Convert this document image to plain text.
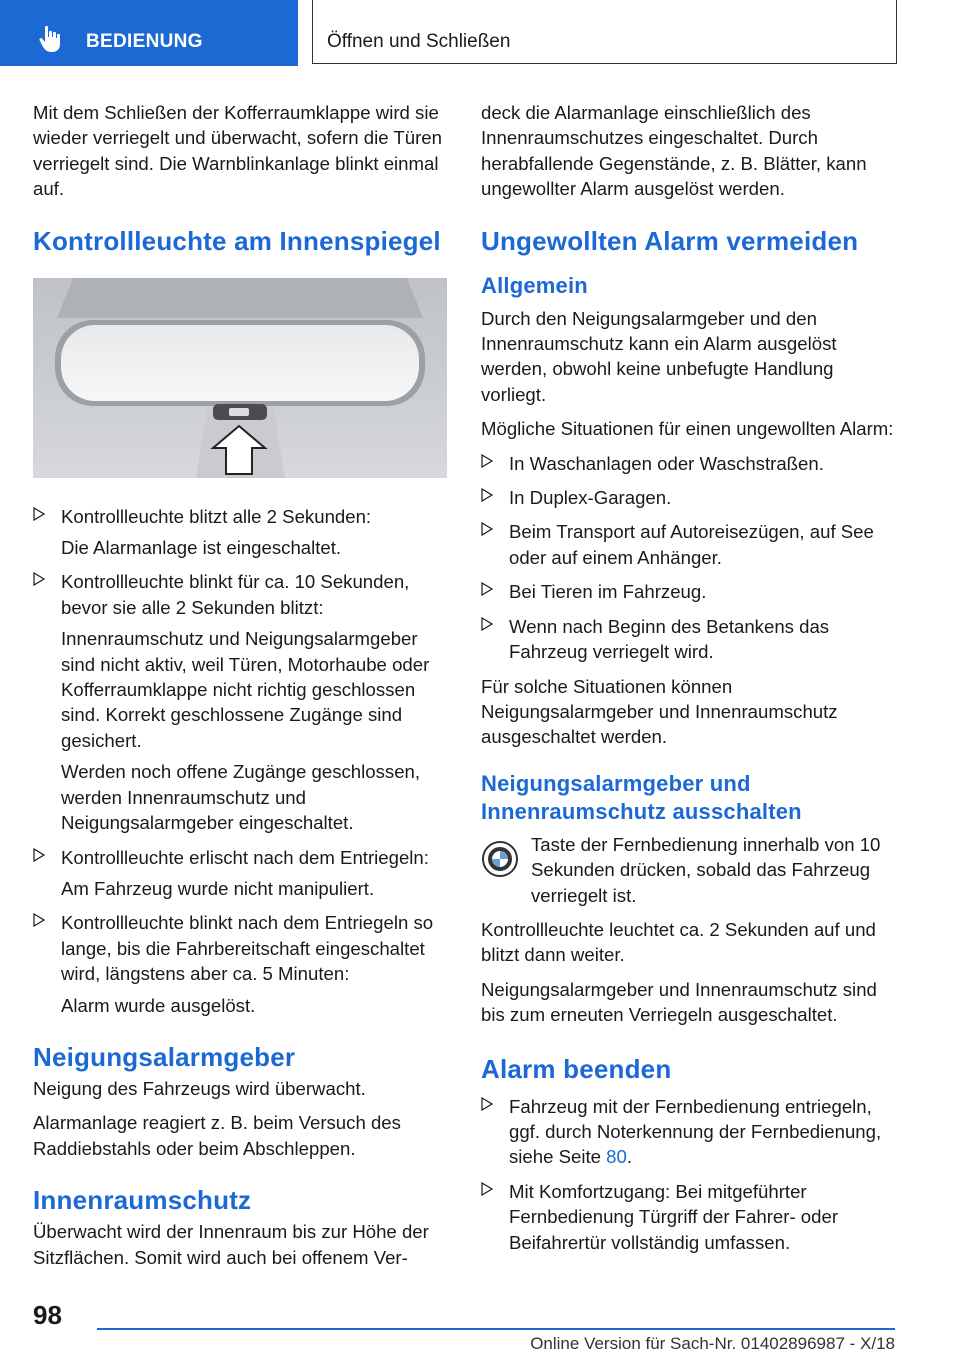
BEDIENUNG	Öffnen und Schließen

Mit dem Schließen der Kofferraumklappe wird sie wieder verriegelt und überwacht, sofern die Türen verriegelt sind. Die Warnblinkanlage blinkt einmal auf.

Kontrollleuchte am Innenspiegel
Kontrollleuchte blitzt alle 2 Sekunden:

Die Alarmanlage ist eingeschaltet.

Kontrollleuchte blinkt für ca. 10 Sekunden, bevor sie alle 2 Sekunden blitzt:

Innenraumschutz und Neigungsalarmgeber sind nicht aktiv, weil Türen, Motorhaube oder Kofferraumklappe nicht richtig geschlossen sind. Korrekt geschlossene Zugänge sind gesichert.

Werden noch offene Zugänge geschlossen, werden Innenraumschutz und Neigungsalarmgeber eingeschaltet.

Kontrollleuchte erlischt nach dem Entriegeln:

Am Fahrzeug wurde nicht manipuliert.

Kontrollleuchte blinkt nach dem Entriegeln so lange, bis die Fahrbereitschaft eingeschaltet wird, längstens aber ca. 5 Minuten:

Alarm wurde ausgelöst.

Neigungsalarmgeber

Neigung des Fahrzeugs wird überwacht.

Alarmanlage reagiert z. B. beim Versuch des Raddiebstahls oder beim Abschleppen.

Innenraumschutz

Überwacht wird der Innenraum bis zur Höhe der Sitzflächen. Somit wird auch bei offenem Ver-

deck die Alarmanlage einschließlich des Innenraumschutzes eingeschaltet. Durch herabfallende Gegenstände, z. B. Blätter, kann ungewollter Alarm ausgelöst werden.

Ungewollten Alarm vermeiden
Allgemein

Durch den Neigungsalarmgeber und den Innenraumschutz kann ein Alarm ausgelöst werden, obwohl keine unbefugte Handlung vorliegt.

Mögliche Situationen für einen ungewollten Alarm:

In Waschanlagen oder Waschstraßen.
In Duplex-Garagen.
Beim Transport auf Autoreisezügen, auf See oder auf einem Anhänger.
Bei Tieren im Fahrzeug.
Wenn nach Beginn des Betankens das Fahrzeug verriegelt wird.

Für solche Situationen können Neigungsalarmgeber und Innenraumschutz ausgeschaltet werden.

Neigungsalarmgeber und Innenraumschutz ausschalten

Taste der Fernbedienung innerhalb von 10 Sekunden drücken, sobald das Fahrzeug verriegelt ist.

Kontrollleuchte leuchtet ca. 2 Sekunden auf und blitzt dann weiter.

Neigungsalarmgeber und Innenraumschutz sind bis zum erneuten Verriegeln ausgeschaltet.

Alarm beenden
Fahrzeug mit der Fernbedienung entriegeln, ggf. durch Noterkennung der Fernbedienung, siehe Seite 80.
Mit Komfortzugang: Bei mitgeführter Fernbedienung Türgriff der Fahrer- oder Beifahrertür vollständig umfassen.
98
Online Version für Sach-Nr. 01402896987 - X/18
